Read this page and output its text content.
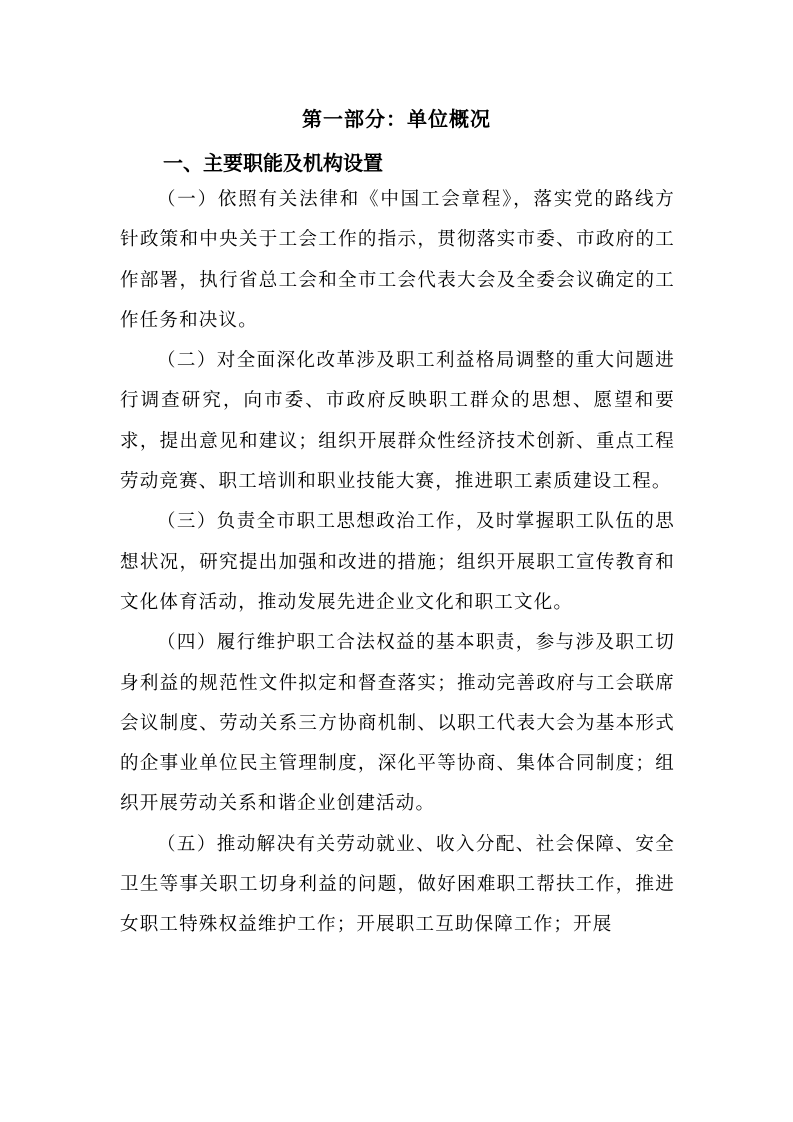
第一部分：单位概况
一、主要职能及机构设置

（一）依照有关法律和《中国工会章程》，落实党的路线方针政策和中央关于工会工作的指示，贯彻落实市委、市政府的工作部署，执行省总工会和全市工会代表大会及全委会议确定的工作任务和决议。

（二）对全面深化改革涉及职工利益格局调整的重大问题进行调查研究，向市委、市政府反映职工群众的思想、愿望和要求，提出意见和建议；组织开展群众性经济技术创新、重点工程劳动竞赛、职工培训和职业技能大赛，推进职工素质建设工程。

（三）负责全市职工思想政治工作，及时掌握职工队伍的思想状况，研究提出加强和改进的措施；组织开展职工宣传教育和文化体育活动，推动发展先进企业文化和职工文化。

（四）履行维护职工合法权益的基本职责，参与涉及职工切身利益的规范性文件拟定和督查落实；推动完善政府与工会联席会议制度、劳动关系三方协商机制、以职工代表大会为基本形式的企事业单位民主管理制度，深化平等协商、集体合同制度；组织开展劳动关系和谐企业创建活动。

（五）推动解决有关劳动就业、收入分配、社会保障、安全卫生等事关职工切身利益的问题，做好困难职工帮扶工作，推进女职工特殊权益维护工作；开展职工互助保障工作；开展
